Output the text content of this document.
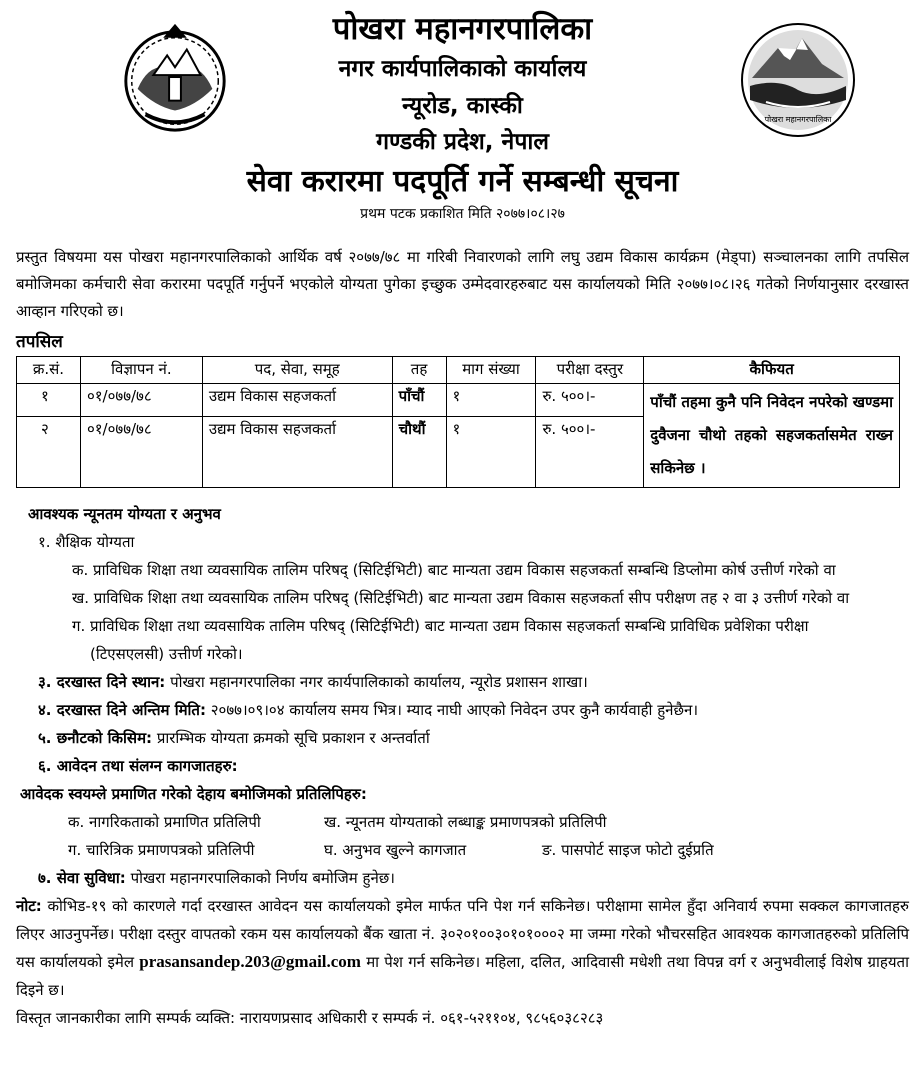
पोखरा महानगरपालिका
पोखरा महानगरपालिका
नगर कार्यपालिकाको कार्यालय
न्यूरोड, कास्की
गण्डकी प्रदेश, नेपाल
सेवा करारमा पदपूर्ति गर्ने सम्बन्धी सूचना
प्रथम पटक प्रकाशित मिति २०७७।०८।२७

प्रस्तुत विषयमा यस पोखरा महानगरपालिकाको आर्थिक वर्ष २०७७/७८ मा गरिबी निवारणको लागि लघु उद्यम विकास कार्यक्रम (मेड्पा) सञ्चालनका लागि तपसिल बमोजिमका कर्मचारी सेवा करारमा पदपूर्ति गर्नुपर्ने भएकोले योग्यता पुगेका इच्छुक उम्मेदवारहरुबाट यस कार्यालयको मिति २०७७।०८।२६ गतेको निर्णयानुसार दरखास्त आव्हान गरिएको छ।

तपसिल
क्र.सं.	विज्ञापन नं.	पद, सेवा, समूह	तह	माग संख्या	परीक्षा दस्तुर	कैफियत
१	०१/०७७/७८	उद्यम विकास सहजकर्ता	पाँचौं	१	रु. ५००।-	पाँचौं तहमा कुनै पनि निवेदन नपरेको खण्डमा दुवैजना चौथो तहको सहजकर्तासमेत राख्न सकिनेछ ।
२	०१/०७७/७८	उद्यम विकास सहजकर्ता	चौथौं	१	रु. ५००।-	
आवश्यक न्यूनतम योग्यता र अनुभव
१. शैक्षिक योग्यता
क. प्राविधिक शिक्षा तथा व्यवसायिक तालिम परिषद् (सिटिईभिटी) बाट मान्यता उद्यम विकास सहजकर्ता सम्बन्धि डिप्लोमा कोर्ष उत्तीर्ण गरेको वा
ख. प्राविधिक शिक्षा तथा व्यवसायिक तालिम परिषद् (सिटिईभिटी) बाट मान्यता उद्यम विकास सहजकर्ता सीप परीक्षण तह २ वा ३ उत्तीर्ण गरेको वा
ग. प्राविधिक शिक्षा तथा व्यवसायिक तालिम परिषद् (सिटिईभिटी) बाट मान्यता उद्यम विकास सहजकर्ता सम्बन्धि प्राविधिक प्रवेशिका परीक्षा
(टिएसएलसी) उत्तीर्ण गरेको।
३. दरखास्त दिने स्थान: पोखरा महानगरपालिका नगर कार्यपालिकाको कार्यालय, न्यूरोड प्रशासन शाखा।
४. दरखास्त दिने अन्तिम मिति: २०७७।०९।०४ कार्यालय समय भित्र। म्याद नाघी आएको निवेदन उपर कुनै कार्यवाही हुनेछैन।
५. छनौटको किसिम: प्रारम्भिक योग्यता क्रमको सूचि प्रकाशन र अन्तर्वार्ता
६. आवेदन तथा संलग्न कागजातहरु:
आवेदक स्वयम्ले प्रमाणित गरेको देहाय बमोजिमको प्रतिलिपिहरु:
क. नागरिकताको प्रमाणित प्रतिलिपी	ख. न्यूनतम योग्यताको लब्धाङ्क प्रमाणपत्रको प्रतिलिपी
ग. चारित्रिक प्रमाणपत्रको प्रतिलिपी	घ. अनुभव खुल्ने कागजात	ङ. पासपोर्ट साइज फोटो दुईप्रति
७. सेवा सुविधा: पोखरा महानगरपालिकाको निर्णय बमोजिम हुनेछ।

नोट: कोभिड-१९ को कारणले गर्दा दरखास्त आवेदन यस कार्यालयको इमेल मार्फत पनि पेश गर्न सकिनेछ। परीक्षामा सामेल हुँदा अनिवार्य रुपमा सक्कल कागजातहरु लिएर आउनुपर्नेछ। परीक्षा दस्तुर वापतको रकम यस कार्यालयको बैंक खाता नं. ३०२०१००३०१०१०००२ मा जम्मा गरेको भौचरसहित आवश्यक कागजातहरुको प्रतिलिपि यस कार्यालयको इमेल prasansandep.203@gmail.com मा पेश गर्न सकिनेछ। महिला, दलित, आदिवासी मधेशी तथा विपन्न वर्ग र अनुभवीलाई विशेष ग्राहयता दिइने छ।

विस्तृत जानकारीका लागि सम्पर्क व्यक्ति: नारायणप्रसाद अधिकारी र सम्पर्क नं. ०६१-५२११०४, ९८५६०३८२८३
